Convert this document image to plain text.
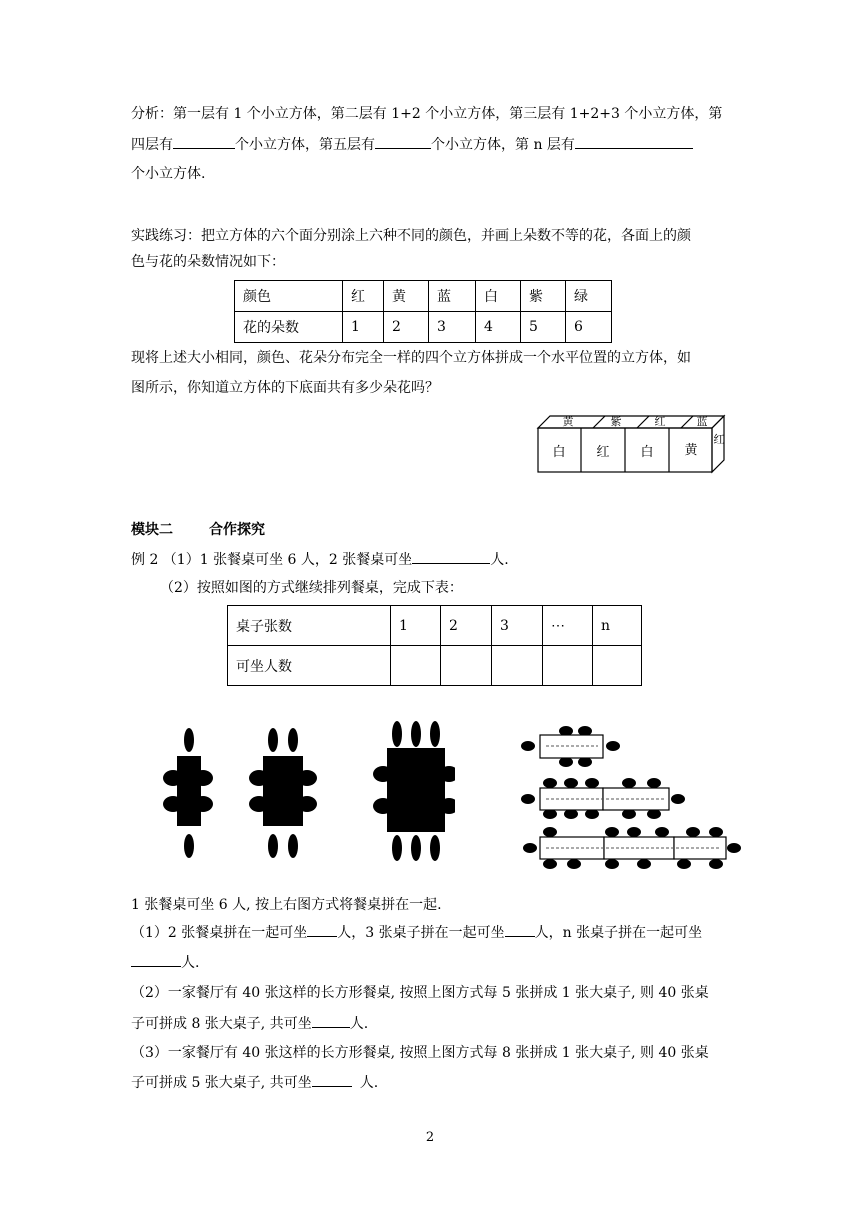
分析：第一层有 1 个小立方体，第二层有 1+2 个小立方体，第三层有 1+2+3 个小立方体，第
四层有	个小立方体，第五层有	个小立方体，第 n 层有
个小立方体.
实践练习：把立方体的六个面分别涂上六种不同的颜色，并画上朵数不等的花，各面上的颜
色与花的朵数情况如下：
颜色	红	黄	蓝	白	紫	绿
花的朵数	1	2	3	4	5	6
现将上述大小相同，颜色、花朵分布完全一样的四个立方体拼成一个水平位置的立方体，如
图所示，你知道立方体的下底面共有多少朵花吗？
黄	紫	红	蓝
白 红 白 黄
红
模块二	合作探究
例 2 （1）1 张餐桌可坐 6 人，2 张餐桌可坐	人.
（2）按照如图的方式继续排列餐桌，完成下表：
桌子张数	1	2	3	⋯	n
可坐人数					
1 张餐桌可坐 6 人, 按上右图方式将餐桌拼在一起.
（1）2 张餐桌拼在一起可坐 人，3 张桌子拼在一起可坐 人，n 张桌子拼在一起可坐
人.
（2）一家餐厅有 40 张这样的长方形餐桌, 按照上图方式每 5 张拼成 1 张大桌子, 则 40 张桌
子可拼成 8 张大桌子, 共可坐	人.
（3）一家餐厅有 40 张这样的长方形餐桌, 按照上图方式每 8 张拼成 1 张大桌子, 则 40 张桌
子可拼成 5 张大桌子, 共可坐	人.
2
